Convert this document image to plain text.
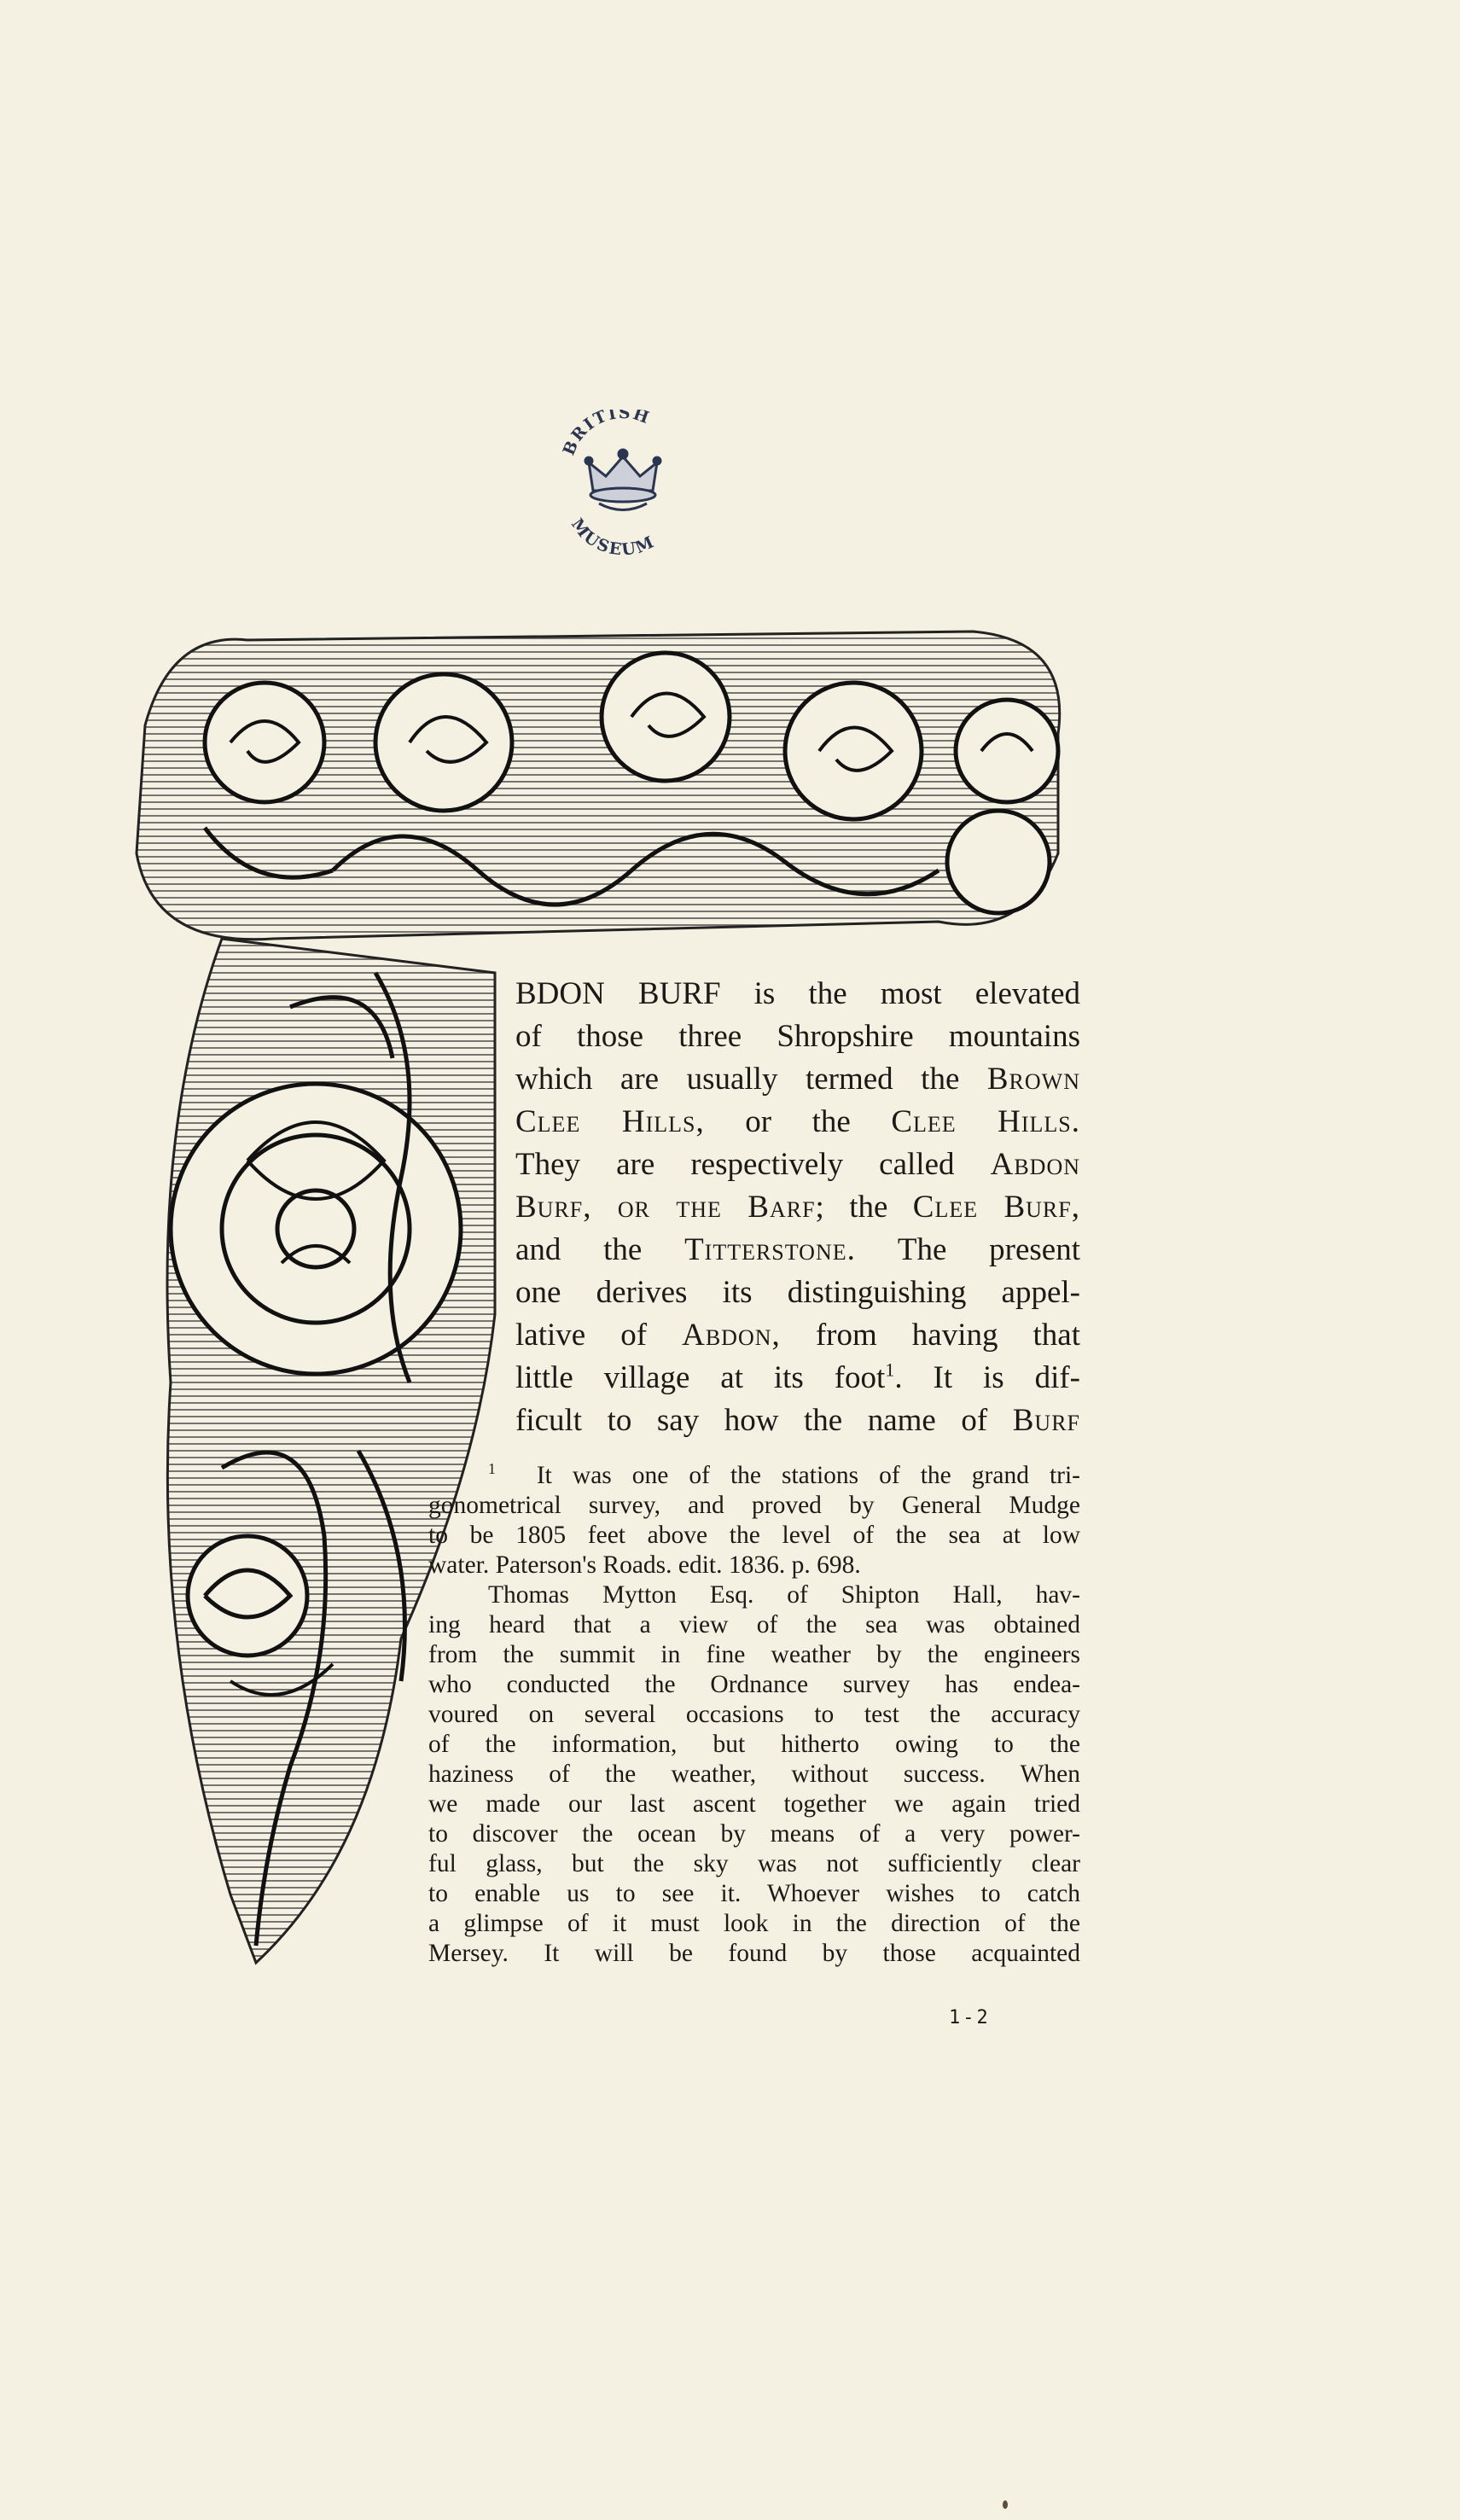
BRITISH
MUSEUM
BDON BURF is the most elevated
of those three Shropshire mountains
which are usually termed the Brown
Clee Hills, or the Clee Hills.
They are respectively called Abdon
Burf, or the Barf; the Clee Burf,
and the Titterstone. The present
one derives its distinguishing appel-
lative of Abdon, from having that
little village at its foot$^1$. It is dif-
ficult to say how the name of Burf
$^1$ It was one of the stations of the grand tri-
gonometrical survey, and proved by General Mudge
to be 1805 feet above the level of the sea at low
water. Paterson's Roads. edit. 1836. p. 698.
Thomas Mytton Esq. of Shipton Hall, hav-
ing heard that a view of the sea was obtained
from the summit in fine weather by the engineers
who conducted the Ordnance survey has endea-
voured on several occasions to test the accuracy
of the information, but hitherto owing to the
haziness of the weather, without success. When
we made our last ascent together we again tried
to discover the ocean by means of a very power-
ful glass, but the sky was not sufficiently clear
to enable us to see it. Whoever wishes to catch
a glimpse of it must look in the direction of the
Mersey. It will be found by those acquainted
1-2
